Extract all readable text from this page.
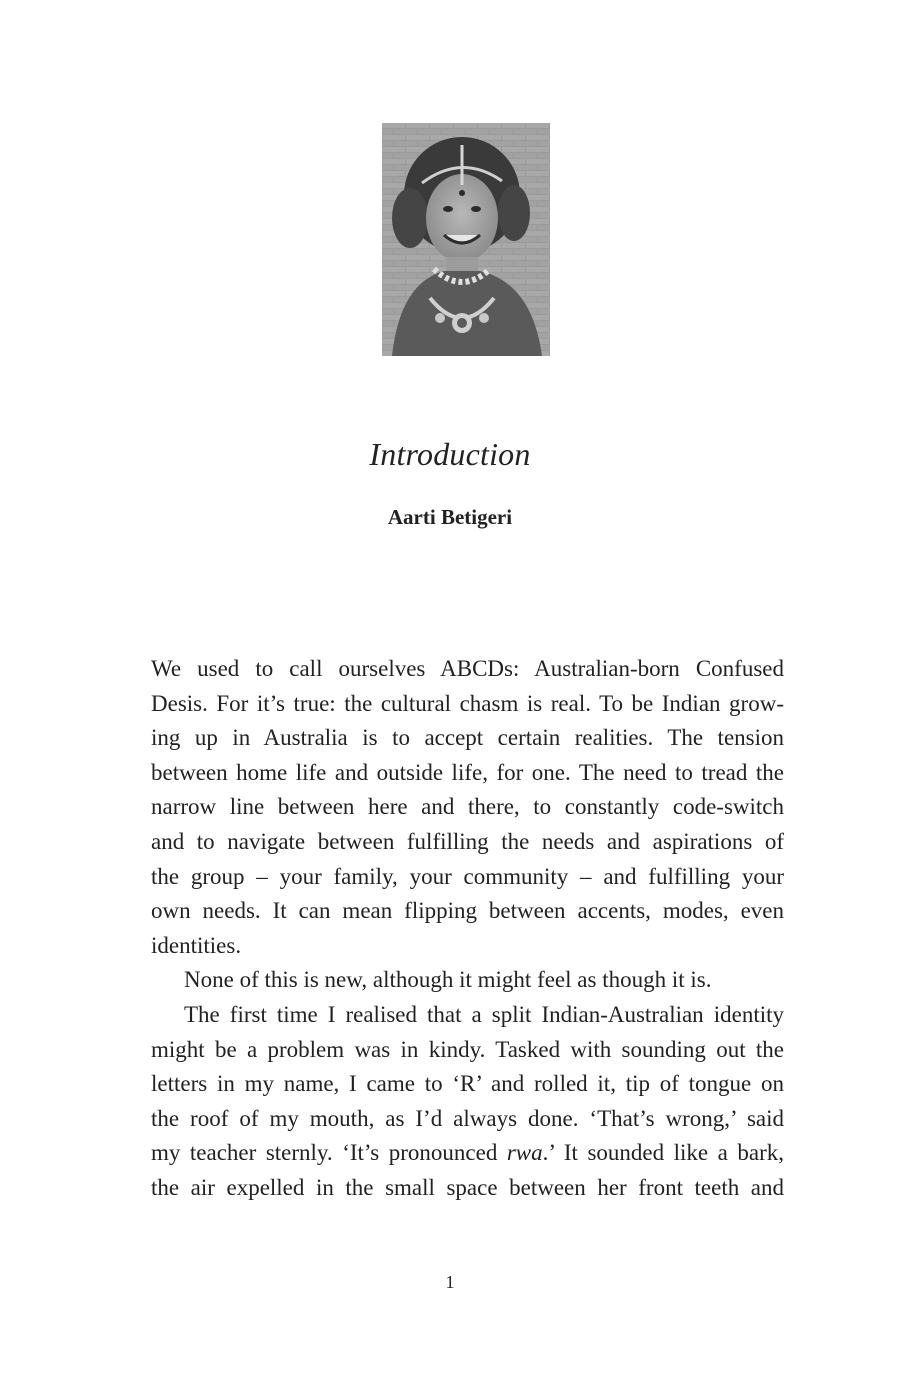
Introduction
Aarti Betigeri

We used to call ourselves ABCDs: Australian-born Confused

Desis. For it’s true: the cultural chasm is real. To be Indian grow-

ing up in Australia is to accept certain realities. The tension

between home life and outside life, for one. The need to tread the

narrow line between here and there, to constantly code-switch

and to navigate between fulfilling the needs and aspirations of

the group – your family, your community – and fulfilling your

own needs. It can mean flipping between accents, modes, even

identities.

None of this is new, although it might feel as though it is.

The first time I realised that a split Indian-Australian identity

might be a problem was in kindy. Tasked with sounding out the

letters in my name, I came to ‘R’ and rolled it, tip of tongue on

the roof of my mouth, as I’d always done. ‘That’s wrong,’ said

my teacher sternly. ‘It’s pronounced rwa.’ It sounded like a bark,

the air expelled in the small space between her front teeth and

1
